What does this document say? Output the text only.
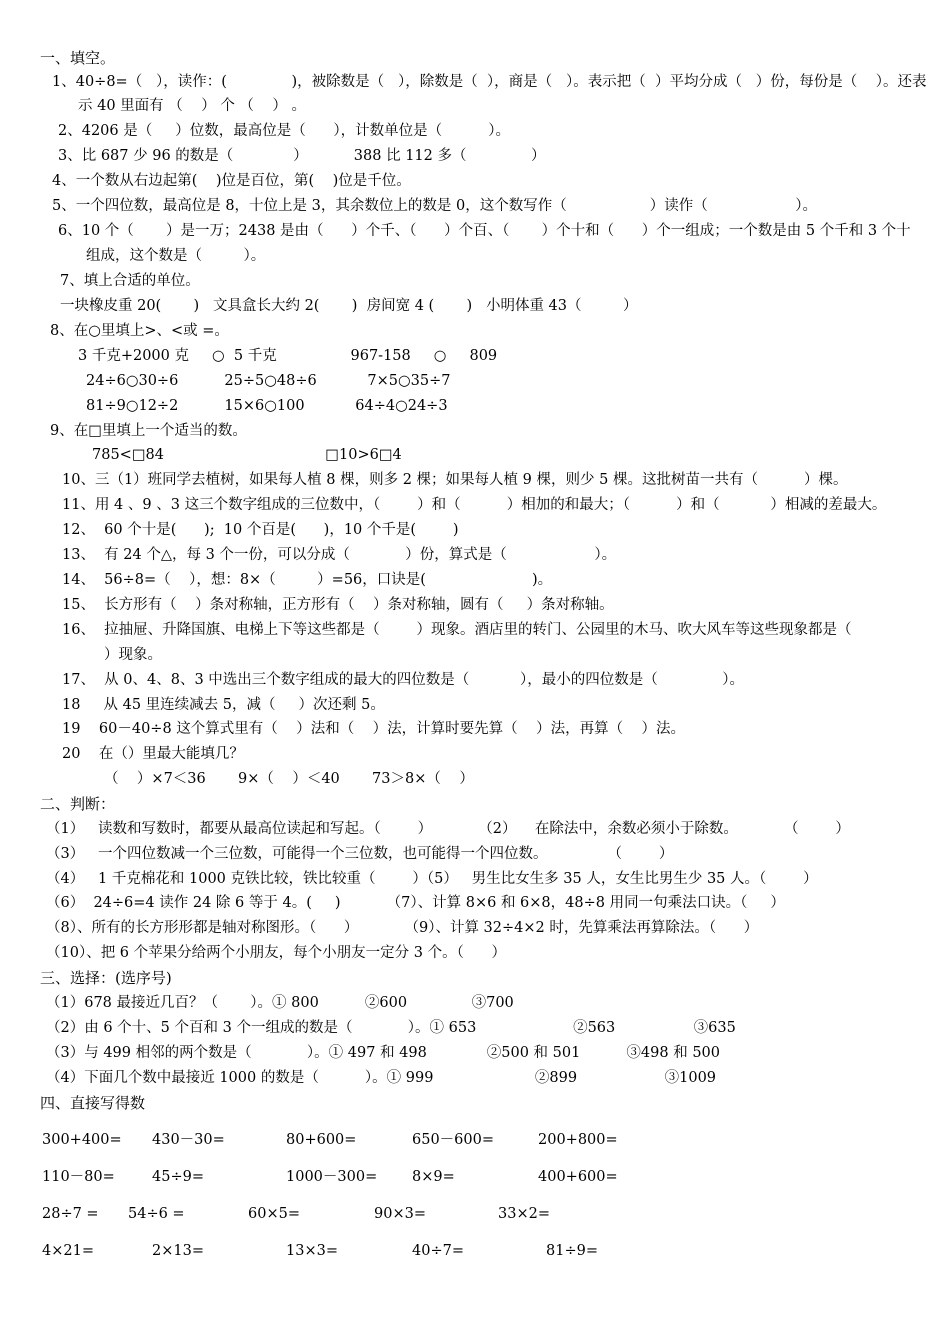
一、填空。
1、40÷8=（   ），读作：(              )，被除数是（   ），除数是（  ），商是（   ）。表示把（  ）平均分成（   ）份，每份是（    ）。还表
示 40 里面有 （    ） 个 （    ） 。
2、4206 是（     ）位数，最高位是（      ），计数单位是（          ）。
3、比 687 少 96 的数是（             ）          388 比 112 多（              ）
4、一个数从右边起第(    )位是百位，第(    )位是千位。
5、一个四位数，最高位是 8，十位上是 3，其余数位上的数是 0，这个数写作（                  ）读作（                   ）。
6、10 个（       ）是一万；2438 是由（      ）个千、（      ）个百、（       ）个十和（      ）个一组成；一个数是由 5 个千和 3 个十
组成，这个数是（         ）。
7、填上合适的单位。
一块橡皮重 20(       )   文具盒长大约 2(       )  房间宽 4 (       )   小明体重 43（         ）
8、在○里填上>、<或 =。
3 千克+2000 克     ○  5 千克                967-158     ○     809
24÷6○30÷6          25÷5○48÷6           7×5○35÷7
81÷9○12÷2          15×6○100           64÷4○24÷3
9、在□里填上一个适当的数。
785<□84                                   □10>6□4
10、三（1）班同学去植树，如果每人植 8 棵，则多 2 棵；如果每人植 9 棵，则少 5 棵。这批树苗一共有（          ）棵。
11、用 4 、9 、3 这三个数字组成的三位数中，（        ）和（          ）相加的和最大；（          ）和（           ）相减的差最大。
12、  60 个十是(      );  10 个百是(      )，10 个千是(        )
13、  有 24 个△，每 3 个一份，可以分成（            ）份，算式是（                   ）。
14、  56÷8=（    ），想：8×（         ）=56，口诀是(                       )。
15、  长方形有（    ）条对称轴，正方形有（    ）条对称轴，圆有（     ）条对称轴。
16、  拉抽屉、升降国旗、电梯上下等这些都是（        ）现象。酒店里的转门、公园里的木马、吹大风车等这些现象都是（
）现象。
17、  从 0、4、8、3 中选出三个数字组成的最大的四位数是（           ），最小的四位数是（              ）。
18     从 45 里连续减去 5，减（     ）次还剩 5。
19    60－40÷8 这个算式里有（    ）法和（    ）法，计算时要先算（    ）法，再算（    ）法。
20    在（）里最大能填几？
（    ）×7＜36       9×（    ）＜40       73＞8×（    ）
二、判断：
（1）   读数和写数时，都要从最高位读起和写起。（        ）          （2）    在除法中，余数必须小于除数。          （        ）
（3）   一个四位数减一个三位数，可能得一个三位数，也可能得一个四位数。             （        ）
（4）   1 千克棉花和 1000 克铁比较，铁比较重（        ）（5）   男生比女生多 35 人，女生比男生少 35 人。（        ）
（6）  24÷6=4 读作 24 除 6 等于 4。(     )          （7）、计算 8×6 和 6×8，48÷8 用同一句乘法口诀。（     ）
（8）、所有的长方形形都是轴对称图形。（      ）          （9）、计算 32÷4×2 时，先算乘法再算除法。（      ）
（10）、把 6 个苹果分给两个小朋友，每个小朋友一定分 3 个。（      ）
三、选择：(选序号)
（1）678 最接近几百？（       ）。① 800          ②600              ③700
（2）由 6 个十、5 个百和 3 个一组成的数是（            ）。① 653                     ②563                 ③635
（3）与 499 相邻的两个数是（            ）。① 497 和 498             ②500 和 501          ③498 和 500
（4）下面几个数中最接近 1000 的数是（          ）。① 999                      ②899                   ③1009
四、直接写得数
300+400= 430－30=	80+600=	650－600=	200+800=
110－80=	45÷9=	1000－300= 8×9=	400+600=
28÷7 = 54÷6 =	60×5=	90×3=	33×2=
4×21=	2×13=	13×3=	40÷7=	81÷9=
